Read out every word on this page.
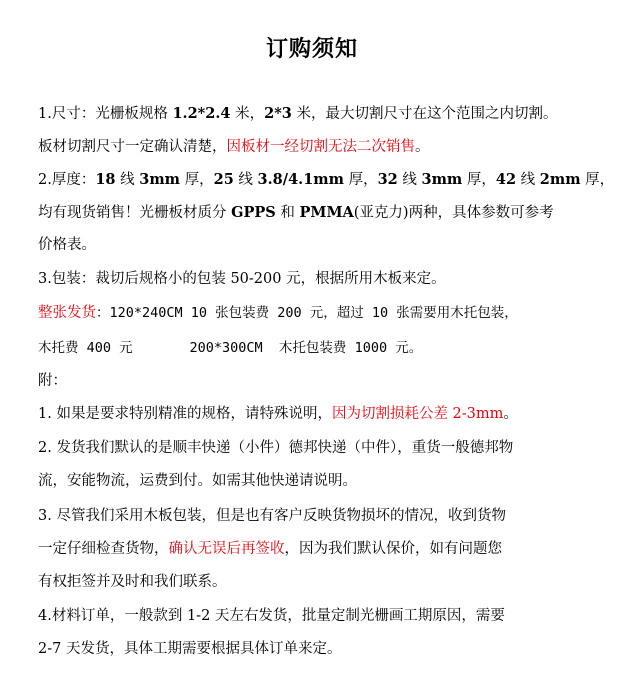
订购须知
1.尺寸：光栅板规格 1.2*2.4 米，2*3 米，最大切割尺寸在这个范围之内切割。
板材切割尺寸一定确认清楚，因板材一经切割无法二次销售。
2.厚度：18 线 3mm 厚，25 线 3.8/4.1mm 厚，32 线 3mm 厚，42 线 2mm 厚，
均有现货销售！光栅板材质分 GPPS 和 PMMA(亚克力)两种，具体参数可参考
价格表。
3.包装：裁切后规格小的包装 50-200 元，根据所用木板来定。
整张发货：120*240CM 10 张包装费 200 元，超过 10 张需要用木托包装，
木托费 400 元       200*300CM  木托包装费 1000 元。
附：
1. 如果是要求特别精准的规格，请特殊说明，因为切割损耗公差 2-3mm。
2. 发货我们默认的是顺丰快递（小件）德邦快递（中件），重货一般德邦物
流，安能物流，运费到付。如需其他快递请说明。
3. 尽管我们采用木板包装，但是也有客户反映货物损坏的情况，收到货物
一定仔细检查货物，确认无误后再签收，因为我们默认保价，如有问题您
有权拒签并及时和我们联系。
4.材料订单，一般款到 1-2 天左右发货，批量定制光栅画工期原因，需要
2-7 天发货，具体工期需要根据具体订单来定。
